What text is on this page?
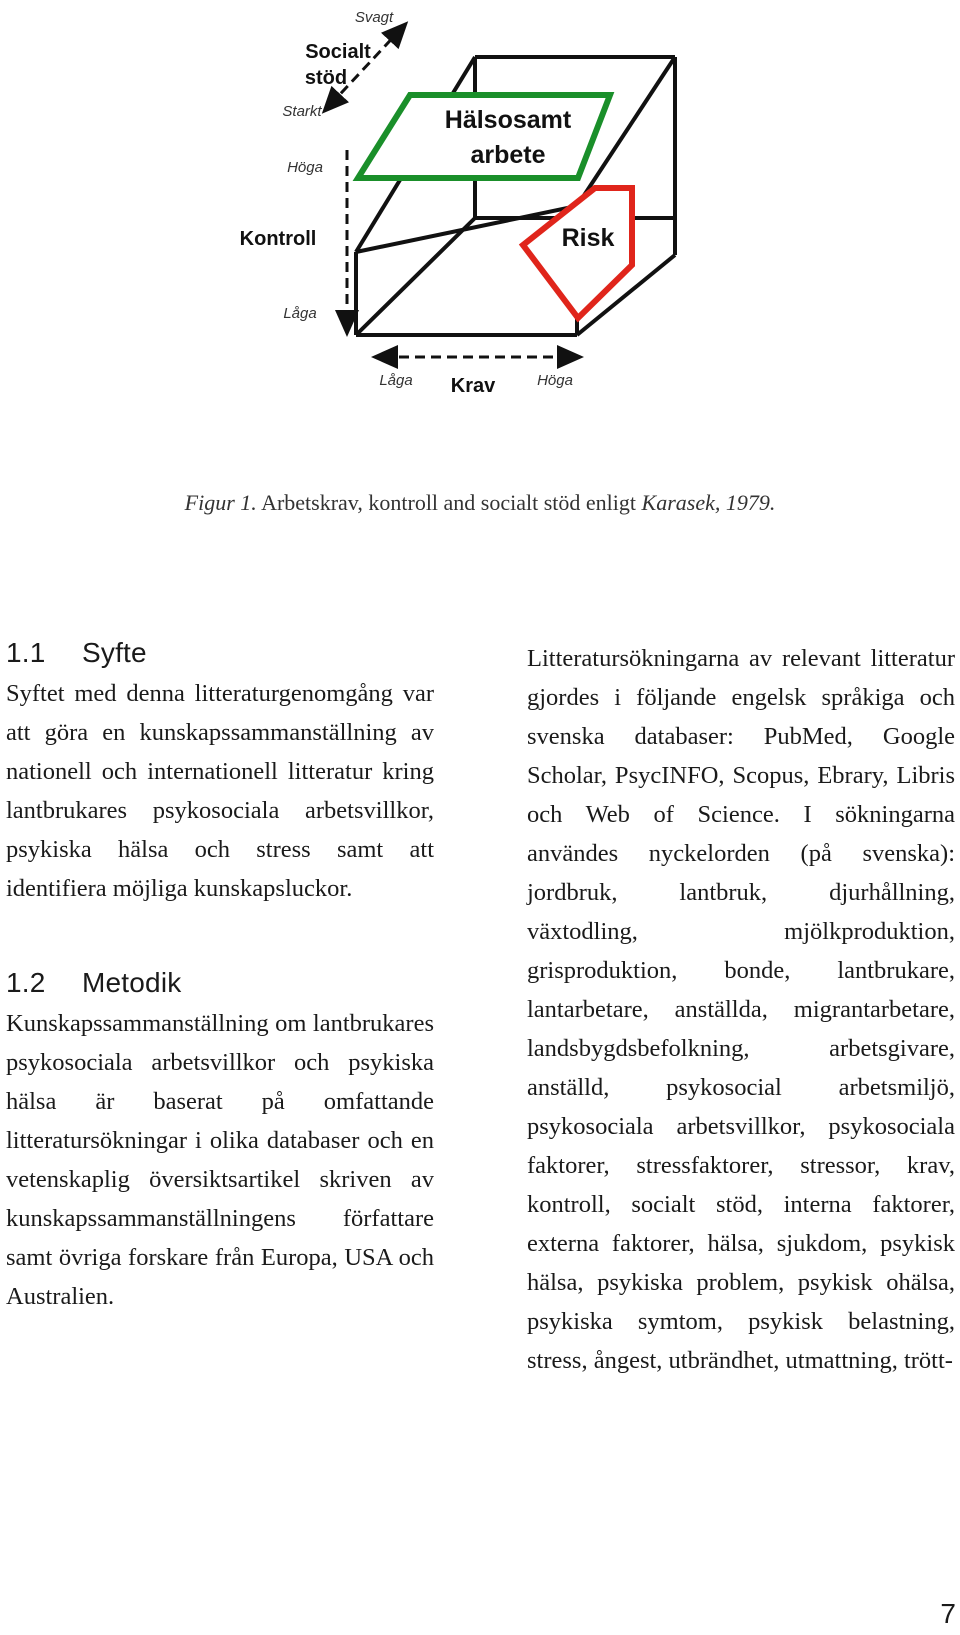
Hälsosamt
arbete
Risk
Svagt
Socialt
stöd
Starkt
Höga
Kontroll
Låga
Låga Krav	Höga
Figur 1. Arbetskrav, kontroll and socialt stöd enligt Karasek, 1979.
1.1 Syfte

Syftet med denna litteraturgenomgång var att göra en kunskapssammanställning av nationell och internationell litteratur kring lantbrukares psykosociala arbetsvillkor, psykiska hälsa och stress samt att identifiera möjliga kunskapsluckor.

1.2 Metodik

Kunskapssammanställning om lantbrukares psykosociala arbetsvillkor och psykiska hälsa är baserat på omfattande litteratursökningar i olika databaser och en vetenskaplig översiktsartikel skriven av kunskapssammanställningens författare samt övriga forskare från Europa, USA och Australien.

Litteratursökningarna av relevant litteratur gjordes i följande engelsk språkiga och svenska databaser: PubMed, Google Scholar, PsycINFO, Scopus, Ebrary, Libris och Web of Science. I sökningarna användes nyckelorden (på svenska): jordbruk, lantbruk, djurhållning, växtodling, mjölkproduktion, grisproduktion, bonde, lantbrukare, lantarbetare, anställda, migrantarbetare, landsbygdsbefolkning, arbetsgivare, anställd, psykosocial arbetsmiljö, psykosociala arbetsvillkor, psykosociala faktorer, stressfaktorer, stressor, krav, kontroll, socialt stöd, interna faktorer, externa faktorer, hälsa, sjukdom, psykisk hälsa, psykiska problem, psykisk ohälsa, psykiska symtom, psykisk belastning, stress, ångest, utbrändhet, utmattning, trött-

7
